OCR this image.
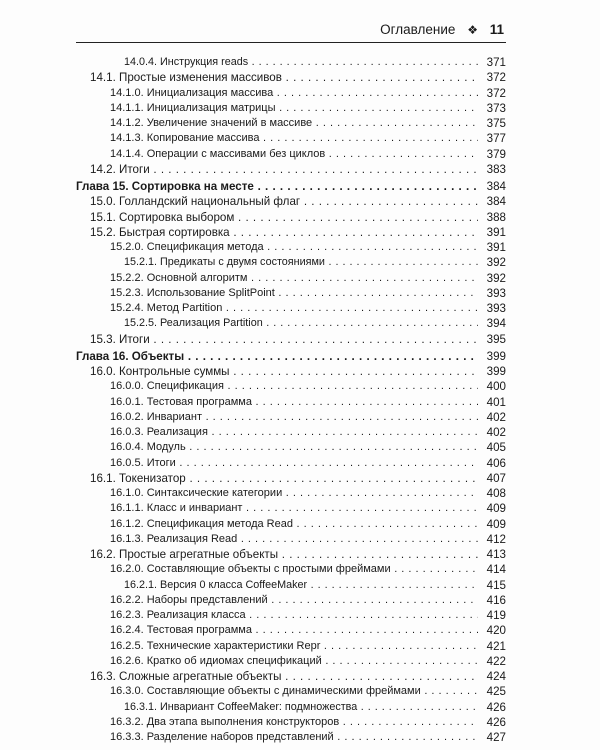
Оглавление ❖ 11
14.0.4. Инструкция reads . . .	371
14.1. Простые изменения массивов . . .	372
14.1.0. Инициализация массива . . .	372
14.1.1. Инициализация матрицы . . .	373
14.1.2. Увеличение значений в массиве . . .	375
14.1.3. Копирование массива . . .	377
14.1.4. Операции с массивами без циклов . . .	379
14.2. Итоги . . .	383
Глава 15. Сортировка на месте . . .	384
15.0. Голландский национальный флаг . . .	384
15.1. Сортировка выбором . . .	388
15.2. Быстрая сортировка . . .	391
15.2.0. Спецификация метода . . .	391
15.2.1. Предикаты с двумя состояниями . . .	392
15.2.2. Основной алгоритм . . .	392
15.2.3. Использование SplitPoint . . .	393
15.2.4. Метод Partition . . .	393
15.2.5. Реализация Partition . . .	394
15.3. Итоги . . .	395
Глава 16. Объекты . . .	399
16.0. Контрольные суммы . . .	399
16.0.0. Спецификация . . .	400
16.0.1. Тестовая программа . . .	401
16.0.2. Инвариант . . .	402
16.0.3. Реализация . . .	402
16.0.4. Модуль . . .	405
16.0.5. Итоги . . .	406
16.1. Токенизатор . . .	407
16.1.0. Синтаксические категории . . .	408
16.1.1. Класс и инвариант . . .	409
16.1.2. Спецификация метода Read . . .	409
16.1.3. Реализация Read . . .	412
16.2. Простые агрегатные объекты . . .	413
16.2.0. Составляющие объекты с простыми фреймами . . .	414
16.2.1. Версия 0 класса CoffeeMaker . . .	415
16.2.2. Наборы представлений . . .	416
16.2.3. Реализация класса . . .	419
16.2.4. Тестовая программа . . .	420
16.2.5. Технические характеристики Repr . . .	421
16.2.6. Кратко об идиомах спецификаций . . .	422
16.3. Сложные агрегатные объекты . . .	424
16.3.0. Составляющие объекты с динамическими фреймами . . .	425
16.3.1. Инвариант CoffeeMaker: подмножества . . .	426
16.3.2. Два этапа выполнения конструкторов . . .	426
16.3.3. Разделение наборов представлений . . .	427
